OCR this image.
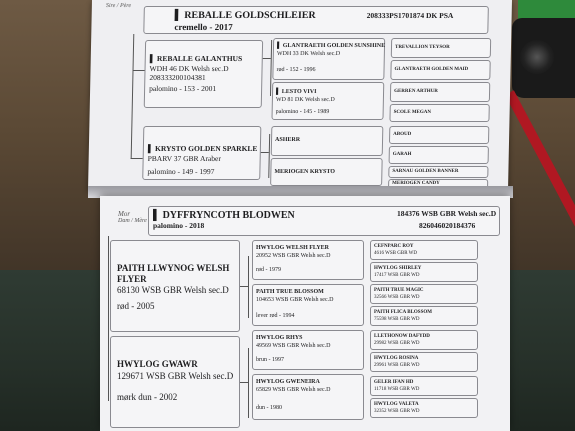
Sire / Père
▌ REBALLE GOLDSCHLEIER	208333PS1701874 DK PSA
cremello - 2017
▌ REBALLE GALANTHUS
WDH 46 DK Welsh sec.D
208333200104381
palomino - 153 - 2001
▌ KRYSTO GOLDEN SPARKLE
PBARV 37 GBR Araber
palomino - 149 - 1997
▌ GLANTRAETH GOLDEN SUNSHINE
WDH 33 DK Welsh sec.D
rød - 152 - 1996
▌ LESTO VIVI
WD 81 DK Welsh sec.D
palomino - 145 - 1989
ASHERR
MERIOGEN KRYSTO
TREVALLION TEYSOR
GLANTRAETH GOLDEN MAID
GERREN ARTHUR
SCOLE MEGAN
ABOUD
GARAH
SARNAU GOLDEN BANNER
MERIOGEN CANDY
Mor
Dam / Mère ▌ DYFFRYNCOTH BLODWEN
palomino - 2018
184376 WSB GBR Welsh sec.D
826046020184376
PAITH LLWYNOG WELSH
FLYER
68130 WSB GBR Welsh sec.D
rød - 2005
HWYLOG GWAWR
129671 WSB GBR Welsh sec.D
mørk dun - 2002
HWYLOG WELSH FLYER
20952 WSB GBR Welsh sec.D
rød - 1979
PAITH TRUE BLOSSOM
104653 WSB GBR Welsh sec.D
lever rød - 1994
HWYLOG RHYS
49569 WSB GBR Welsh sec.D
brun - 1997
HWYLOG GWENEIRA
65829 WSB GBR Welsh sec.D
dun - 1980
CEFNPARC ROY
4616 WSB GBR WD
HWYLOG SHIRLEY
17417 WSB GBR WD
PAITH TRUE MAGIC
32566 WSB GBR WD
PAITH FLICA BLOSSOM
75598 WSB GBR WD
LLETHONOW DAFYDD
29982 WSB GBR WD
HWYLOG ROSINA
29961 WSB GBR WD
GELER IFAN HD
11718 WSB GBR WD
HWYLOG VALETA
32352 WSB GBR WD
